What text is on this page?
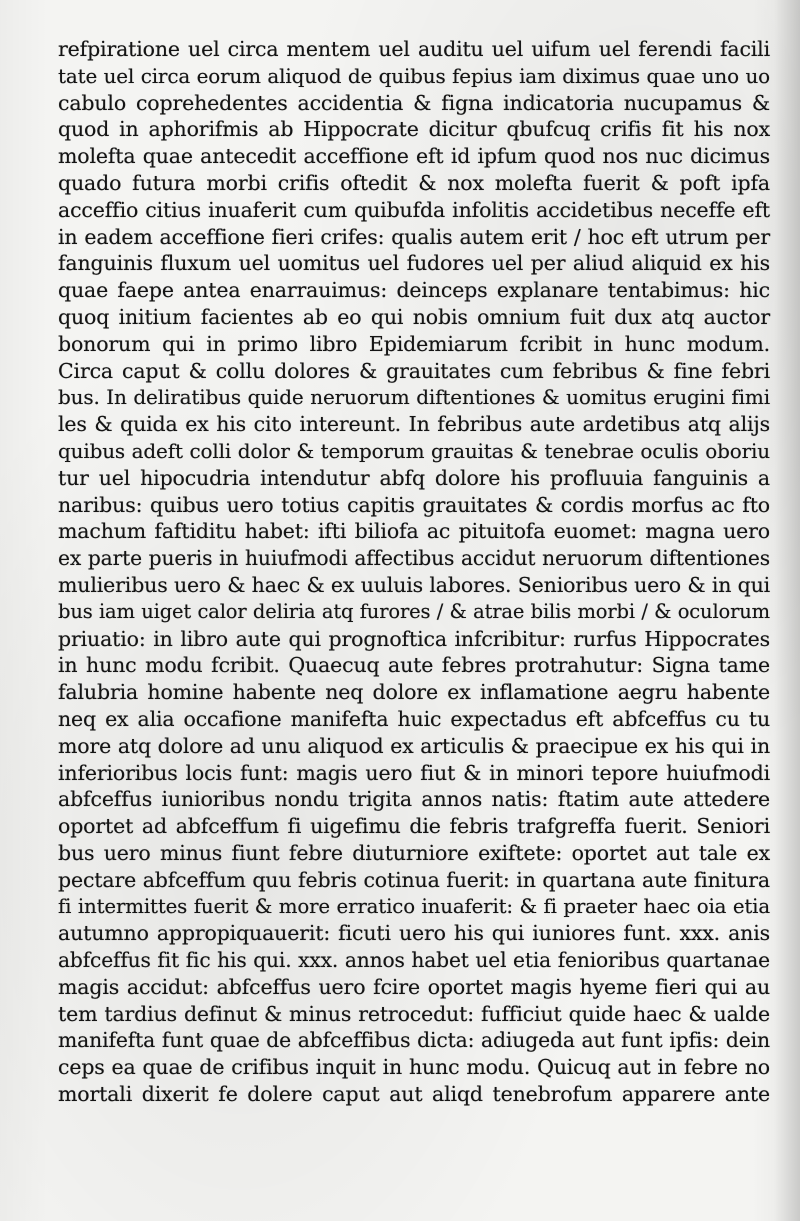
refpiratione uel circa mentem uel auditu uel uifum uel ferendi facili
tate uel circa eorum aliquod de quibus fepius iam diximus quae uno uo
cabulo coprehedentes accidentia & figna indicatoria nucupamus &
quod in aphorifmis ab Hippocrate dicitur qbufcuq crifis fit his nox
molefta quae antecedit acceffione eft id ipfum quod nos nuc dicimus
quado futura morbi crifis oftedit & nox molefta fuerit & poft ipfa
acceffio citius inuaferit cum quibufda infolitis accidetibus neceffe eft
in eadem acceffione fieri crifes: qualis autem erit / hoc eft utrum per
fanguinis fluxum uel uomitus uel fudores uel per aliud aliquid ex his
quae faepe antea enarrauimus: deinceps explanare tentabimus: hic
quoq initium facientes ab eo qui nobis omnium fuit dux atq auctor
bonorum qui in primo libro Epidemiarum fcribit in hunc modum.
Circa caput & collu dolores & grauitates cum febribus & fine febri
bus. In deliratibus quide neruorum diftentiones & uomitus erugini fimi
les & quida ex his cito intereunt. In febribus aute ardetibus atq alijs
quibus adeft colli dolor & temporum grauitas & tenebrae oculis oboriu
tur uel hipocudria intendutur abfq dolore his profluuia fanguinis a
naribus: quibus uero totius capitis grauitates & cordis morfus ac fto
machum faftiditu habet: ifti biliofa ac pituitofa euomet: magna uero
ex parte pueris in huiufmodi affectibus accidut neruorum diftentiones
mulieribus uero & haec & ex uuluis labores. Senioribus uero & in qui
bus iam uiget calor deliria atq furores / & atrae bilis morbi / & oculorum
priuatio: in libro aute qui prognoftica infcribitur: rurfus Hippocrates
in hunc modu fcribit. Quaecuq aute febres protrahutur: Signa tame
falubria homine habente neq dolore ex inflamatione aegru habente
neq ex alia occafione manifefta huic expectadus eft abfceffus cu tu
more atq dolore ad unu aliquod ex articulis & praecipue ex his qui in
inferioribus locis funt: magis uero fiut & in minori tepore huiufmodi
abfceffus iunioribus nondu trigita annos natis: ftatim aute attedere
oportet ad abfceffum fi uigefimu die febris trafgreffa fuerit. Seniori
bus uero minus fiunt febre diuturniore exiftete: oportet aut tale ex
pectare abfceffum quu febris cotinua fuerit: in quartana aute finitura
fi intermittes fuerit & more erratico inuaferit: & fi praeter haec oia etia
autumno appropiquauerit: ficuti uero his qui iuniores funt. xxx. anis
abfceffus fit fic his qui. xxx. annos habet uel etia fenioribus quartanae
magis accidut: abfceffus uero fcire oportet magis hyeme fieri qui au
tem tardius definut & minus retrocedut: fufficiut quide haec & ualde
manifefta funt quae de abfceffibus dicta: adiugeda aut funt ipfis: dein
ceps ea quae de crifibus inquit in hunc modu. Quicuq aut in febre no
mortali dixerit fe dolere caput aut aliqd tenebrofum apparere ante
